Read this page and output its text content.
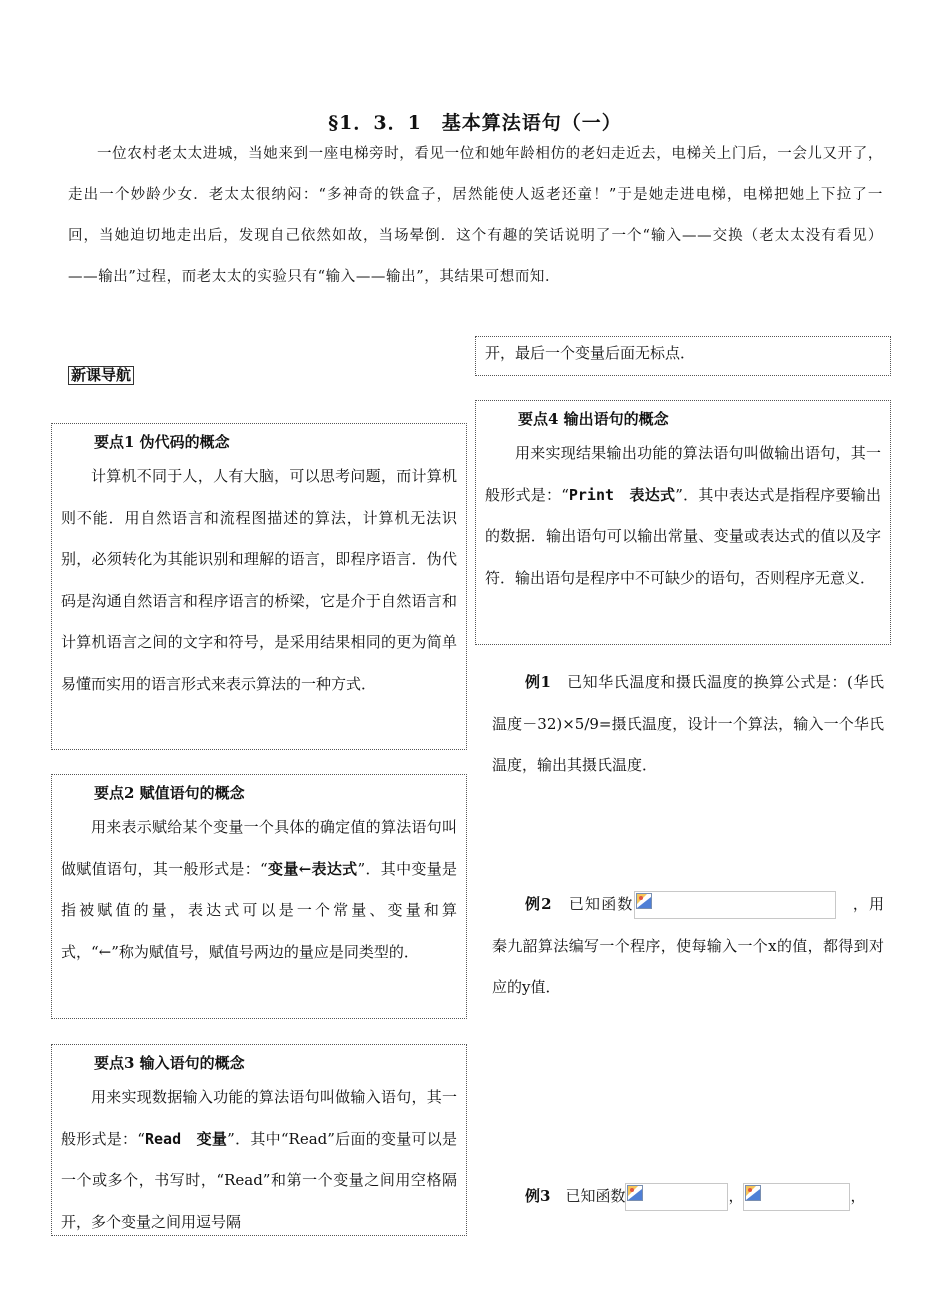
§1．3．1　基本算法语句（一）
一位农村老太太进城，当她来到一座电梯旁时，看见一位和她年龄相仿的老妇走近去，电梯关上门后，一会儿又开了，走出一个妙龄少女．老太太很纳闷：“多神奇的铁盒子，居然能使人返老还童！”于是她走进电梯，电梯把她上下拉了一回，当她迫切地走出后，发现自己依然如故，当场晕倒．这个有趣的笑话说明了一个“输入——交换（老太太没有看见）——输出”过程，而老太太的实验只有“输入——输出”，其结果可想而知．
新课导航
要点1 伪代码的概念

计算机不同于人，人有大脑，可以思考问题，而计算机则不能．用自然语言和流程图描述的算法，计算机无法识别，必须转化为其能识别和理解的语言，即程序语言．伪代码是沟通自然语言和程序语言的桥梁，它是介于自然语言和计算机语言之间的文字和符号，是采用结果相同的更为简单易懂而实用的语言形式来表示算法的一种方式．

要点2 赋值语句的概念

用来表示赋给某个变量一个具体的确定值的算法语句叫做赋值语句，其一般形式是：“变量←表达式”．其中变量是指被赋值的量，表达式可以是一个常量、变量和算式，“←”称为赋值号，赋值号两边的量应是同类型的．

要点3 输入语句的概念

用来实现数据输入功能的算法语句叫做输入语句，其一般形式是：“Read　变量”．其中“Read”后面的变量可以是一个或多个，书写时，“Read”和第一个变量之间用空格隔开，多个变量之间用逗号隔

开，最后一个变量后面无标点．
要点4 输出语句的概念

用来实现结果输出功能的算法语句叫做输出语句，其一般形式是：“Print　表达式”．其中表达式是指程序要输出的数据．输出语句可以输出常量、变量或表达式的值以及字符．输出语句是程序中不可缺少的语句，否则程序无意义．

例1　 已知华氏温度和摄氏温度的换算公式是：(华氏温度－32)×5/9=摄氏温度，设计一个算法，输入一个华氏温度，输出其摄氏温度．
例2　 已知函数
　	，用秦九韶算法编写一个程序，使每输入一个x的值，都得到对应的y值．
例3　 已知函数	，	，
